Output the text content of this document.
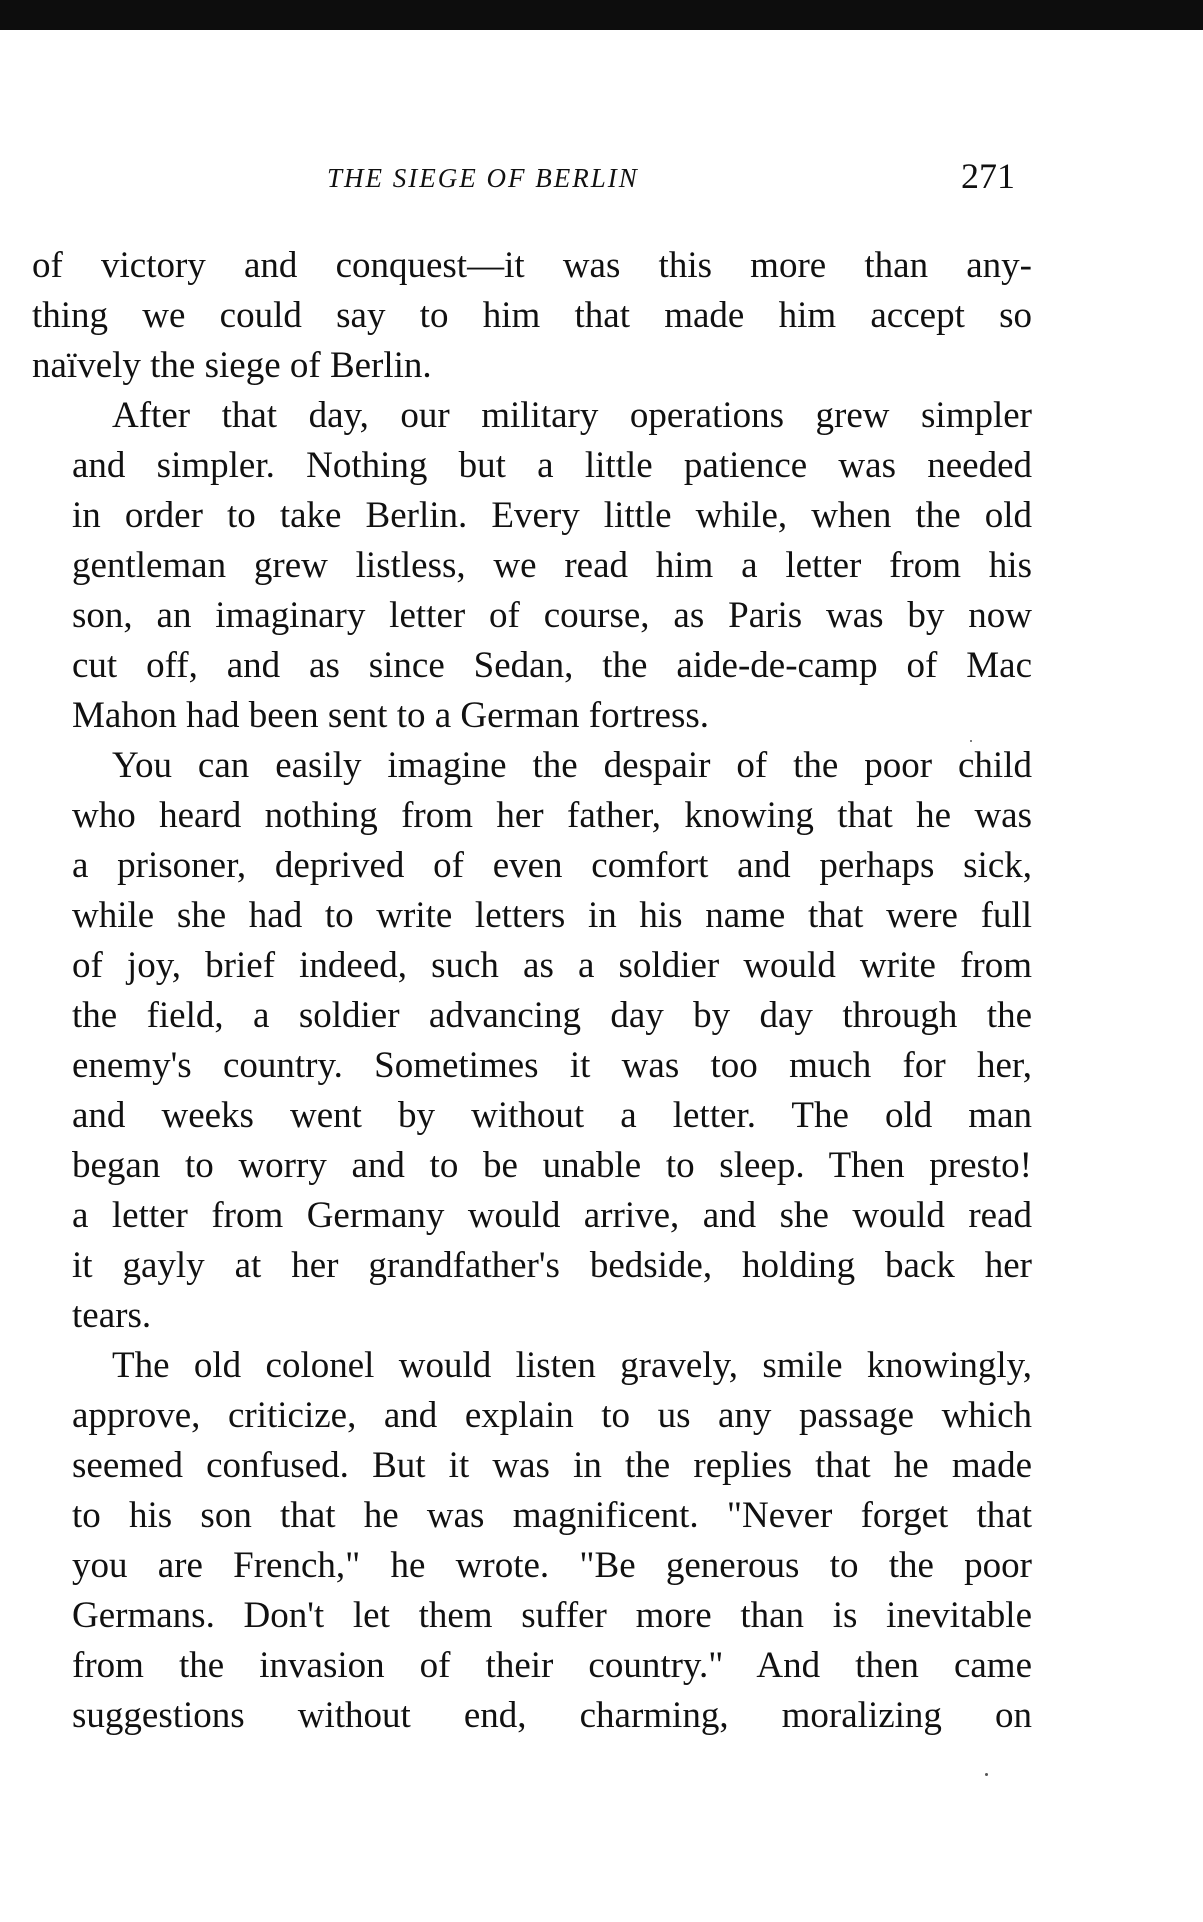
THE SIEGE OF BERLIN	271
of victory and conquest—it was this more than any-
thing we could say to him that made him accept so
naïvely the siege of Berlin.
After that day, our military operations grew simpler
and simpler. Nothing but a little patience was needed
in order to take Berlin. Every little while, when the old
gentleman grew listless, we read him a letter from his
son, an imaginary letter of course, as Paris was by now
cut off, and as since Sedan, the aide-de-camp of Mac
Mahon had been sent to a German fortress.
You can easily imagine the despair of the poor child
who heard nothing from her father, knowing that he was
a prisoner, deprived of even comfort and perhaps sick,
while she had to write letters in his name that were full
of joy, brief indeed, such as a soldier would write from
the field, a soldier advancing day by day through the
enemy's country. Sometimes it was too much for her,
and weeks went by without a letter. The old man
began to worry and to be unable to sleep. Then presto!
a letter from Germany would arrive, and she would read
it gayly at her grandfather's bedside, holding back her
tears.
The old colonel would listen gravely, smile knowingly,
approve, criticize, and explain to us any passage which
seemed confused. But it was in the replies that he made
to his son that he was magnificent. "Never forget that
you are French," he wrote. "Be generous to the poor
Germans. Don't let them suffer more than is inevitable
from the invasion of their country." And then came
suggestions without end, charming, moralizing on
